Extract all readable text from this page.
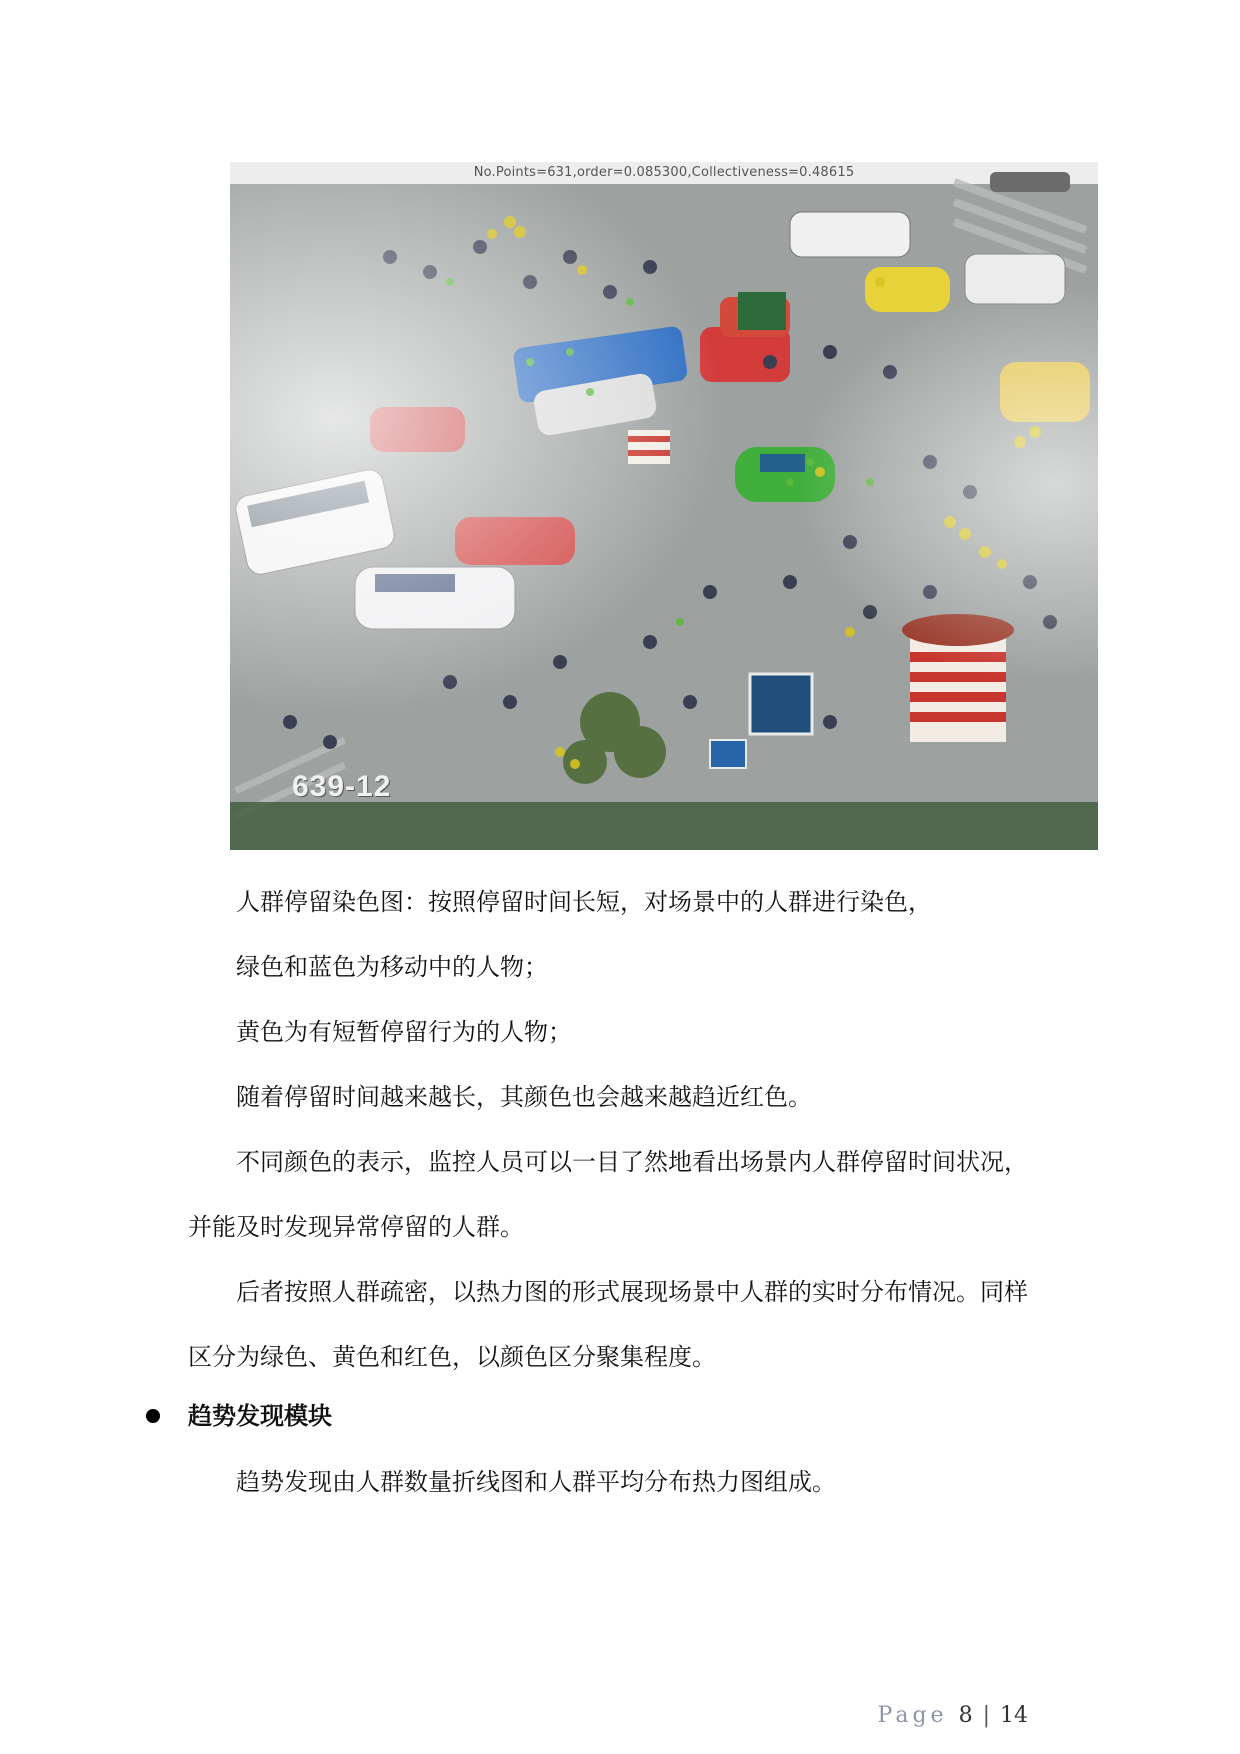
No.Points=631,order=0.085300,Collectiveness=0.48615
639-12
人群停留染色图：按照停留时间长短，对场景中的人群进行染色，
绿色和蓝色为移动中的人物；
黄色为有短暂停留行为的人物；
随着停留时间越来越长，其颜色也会越来越趋近红色。
不同颜色的表示，监控人员可以一目了然地看出场景内人群停留时间状况，
并能及时发现异常停留的人群。
后者按照人群疏密，以热力图的形式展现场景中人群的实时分布情况。同样
区分为绿色、黄色和红色，以颜色区分聚集程度。
趋势发现模块
趋势发现由人群数量折线图和人群平均分布热力图组成。
Page 8 | 14
